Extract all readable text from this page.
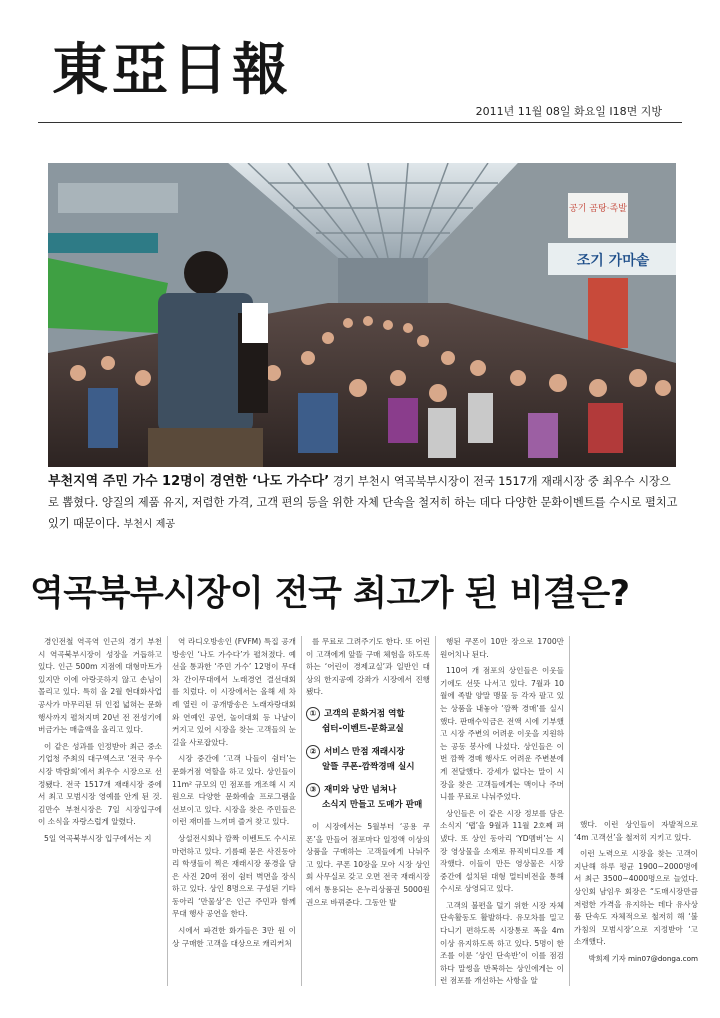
東亞日報
2011년 11월 08일 화요일 I18면 지방
공기 곰탕·족발
조기 가마솥
부천지역 주민 가수 12명이 경연한 ‘나도 가수다’ 경기 부천시 역곡북부시장이 전국 1517개 재래시장 중 최우수 시장으로 뽑혔다. 양질의 제품 유지, 저렴한 가격, 고객 편의 등을 위한 자체 단속을 철저히 하는 데다 다양한 문화이벤트를 수시로 펼치고 있기 때문이다. 부천시 제공
역곡북부시장이 전국 최고가 된 비결은?

경인전철 역곡역 인근의 경기 부천시 역곡북부시장이 성장을 거듭하고 있다. 인근 500m 지점에 대형마트가 있지만 이에 아랑곳하지 않고 손님이 몰리고 있다. 특히 올 2월 현대화사업 공사가 마무리된 뒤 인접 넓혀는 문화행사까지 펼쳐지며 20년 전 전성기에 버금가는 매출액을 올리고 있다.

이 같은 성과를 인정받아 최근 중소기업청 주최의 대구엑스코 ‘전국 우수시장 박람회’에서 최우수 시장으로 선정됐다. 전국 1517개 재래시장 중에서 최고 모범시장 영예를 안게 된 것. 김만수 부천시장은 7일 시장입구에 이 소식을 자랑스럽게 알렸다.

5일 역곡북부시장 입구에서는 지

역 라디오방송인 (FVFM) 특집 공개방송인 ‘나도 가수다’가 펼쳐졌다. 예선을 통과한 ‘주민 가수’ 12명이 무대차 간이무대에서 노래경연 결선대회를 치렀다. 이 시장에서는 올해 세 차례 열린 이 공개방송은 노래자랑대회와 연예인 공연, 놀이대회 등 나날이 커지고 있어 시장을 찾는 고객들의 눈길을 사로잡았다.

시장 중간에 ‘고객 나들이 쉼터’는 문화거점 역할을 하고 있다. 상인들이 11m² 규모의 민 점포를 개조해 시 지원으로 다양한 문화예술 프로그램을 선보이고 있다. 시장을 찾은 주민들은 이런 재미를 느끼며 즐겨 찾고 있다.

상설전시회나 깜짝 이벤트도 수시로 마련하고 있다. 기름때 묻은 사진동아리 학생들이 찍은 재래시장 풍경을 담은 사진 20여 점이 쉼터 벽면을 장식하고 있다. 상인 8명으로 구성된 기타 동아리 ‘만물상’은 인근 주민과 함께 무대 행사 공연을 한다.

시에서 파견한 화가들은 3만 원 이상 구매한 고객을 대상으로 캐리커처

를 무료로 그려주기도 한다. 또 어린이 고객에게 앞뜰 구매 체험을 하도록 하는 ‘어린이 경제교실’과 일반인 대상의 한지공예 강좌가 시장에서 진행됐다.

① 고객의 문화거점 역할
쉼터-이벤트-문화교실
② 서비스 만점 재래시장
알뜰 쿠폰-깜짝경매 실시
③ 재미와 낭만 넘쳐나
소식지 만들고 도매가 판매

이 시장에서는 5월부터 ‘공용 쿠폰’을 만들어 점포마다 일정액 이상의 상품을 구매하는 고객들에게 나눠주고 있다. 쿠폰 10장을 모아 시장 상인회 사무실로 갖고 오면 전국 재래시장에서 통용되는 온누리상품권 5000원권으로 바꿔준다. 그동안 발

행된 쿠폰이 10만 장으로 1700만 원어치나 된다.

110여 개 점포의 상인들은 이웃들 기에도 선뜻 나서고 있다. 7월과 10월에 족발 양말 맹물 등 각자 팔고 있는 상품을 내놓아 ‘깜짝 경매’를 실시했다. 판매수익금은 전액 시에 기부했고 시장 주변의 어려운 이웃을 지원하는 공동 봉사에 나섰다. 상인들은 이번 깜짝 경매 행사도 어려운 주변분에게 전달했다. 강세가 없다는 말이 시장을 찾은 고객들에게는 맥이나 주머니를 무료로 나눠주었다.

상인들은 이 같은 시장 정보를 담은 소식지 ‘탭’을 9월과 11월 2호째 펴냈다. 또 상인 동아리 ‘YD멤버’는 시장 영상물을 소재로 뮤직비디오를 제작했다. 이들이 만든 영상물은 시장 중간에 설치된 대형 멀티비전을 통해 수시로 상영되고 있다.

고객의 불편을 덜기 위한 시장 자체 단속활동도 활발하다. 유모차를 밀고 다니기 편하도록 시장통로 폭을 4m 이상 유지하도록 하고 있다. 5명이 한 조를 이룬 ‘상인 단속반’이 이를 점검하다 말썽을 반복하는 상인에게는 이런 점포를 개선하는 사항을 알

했다. 이런 상인들이 자발적으로 ‘4m 고객선’을 철저히 지키고 있다.

이런 노력으로 시장을 찾는 고객이 지난해 하루 평균 1900∼2000명에서 최근 3500∼4000명으로 늘었다. 상인회 남임우 회장은 “도매시장만큼 저렴한 가격을 유지하는 데다 유사상품 단속도 자체적으로 철저히 해 ‘불가침의 모범시장’으로 지정받아 ‘고 소개했다.

박희제 기자 min07@donga.com
